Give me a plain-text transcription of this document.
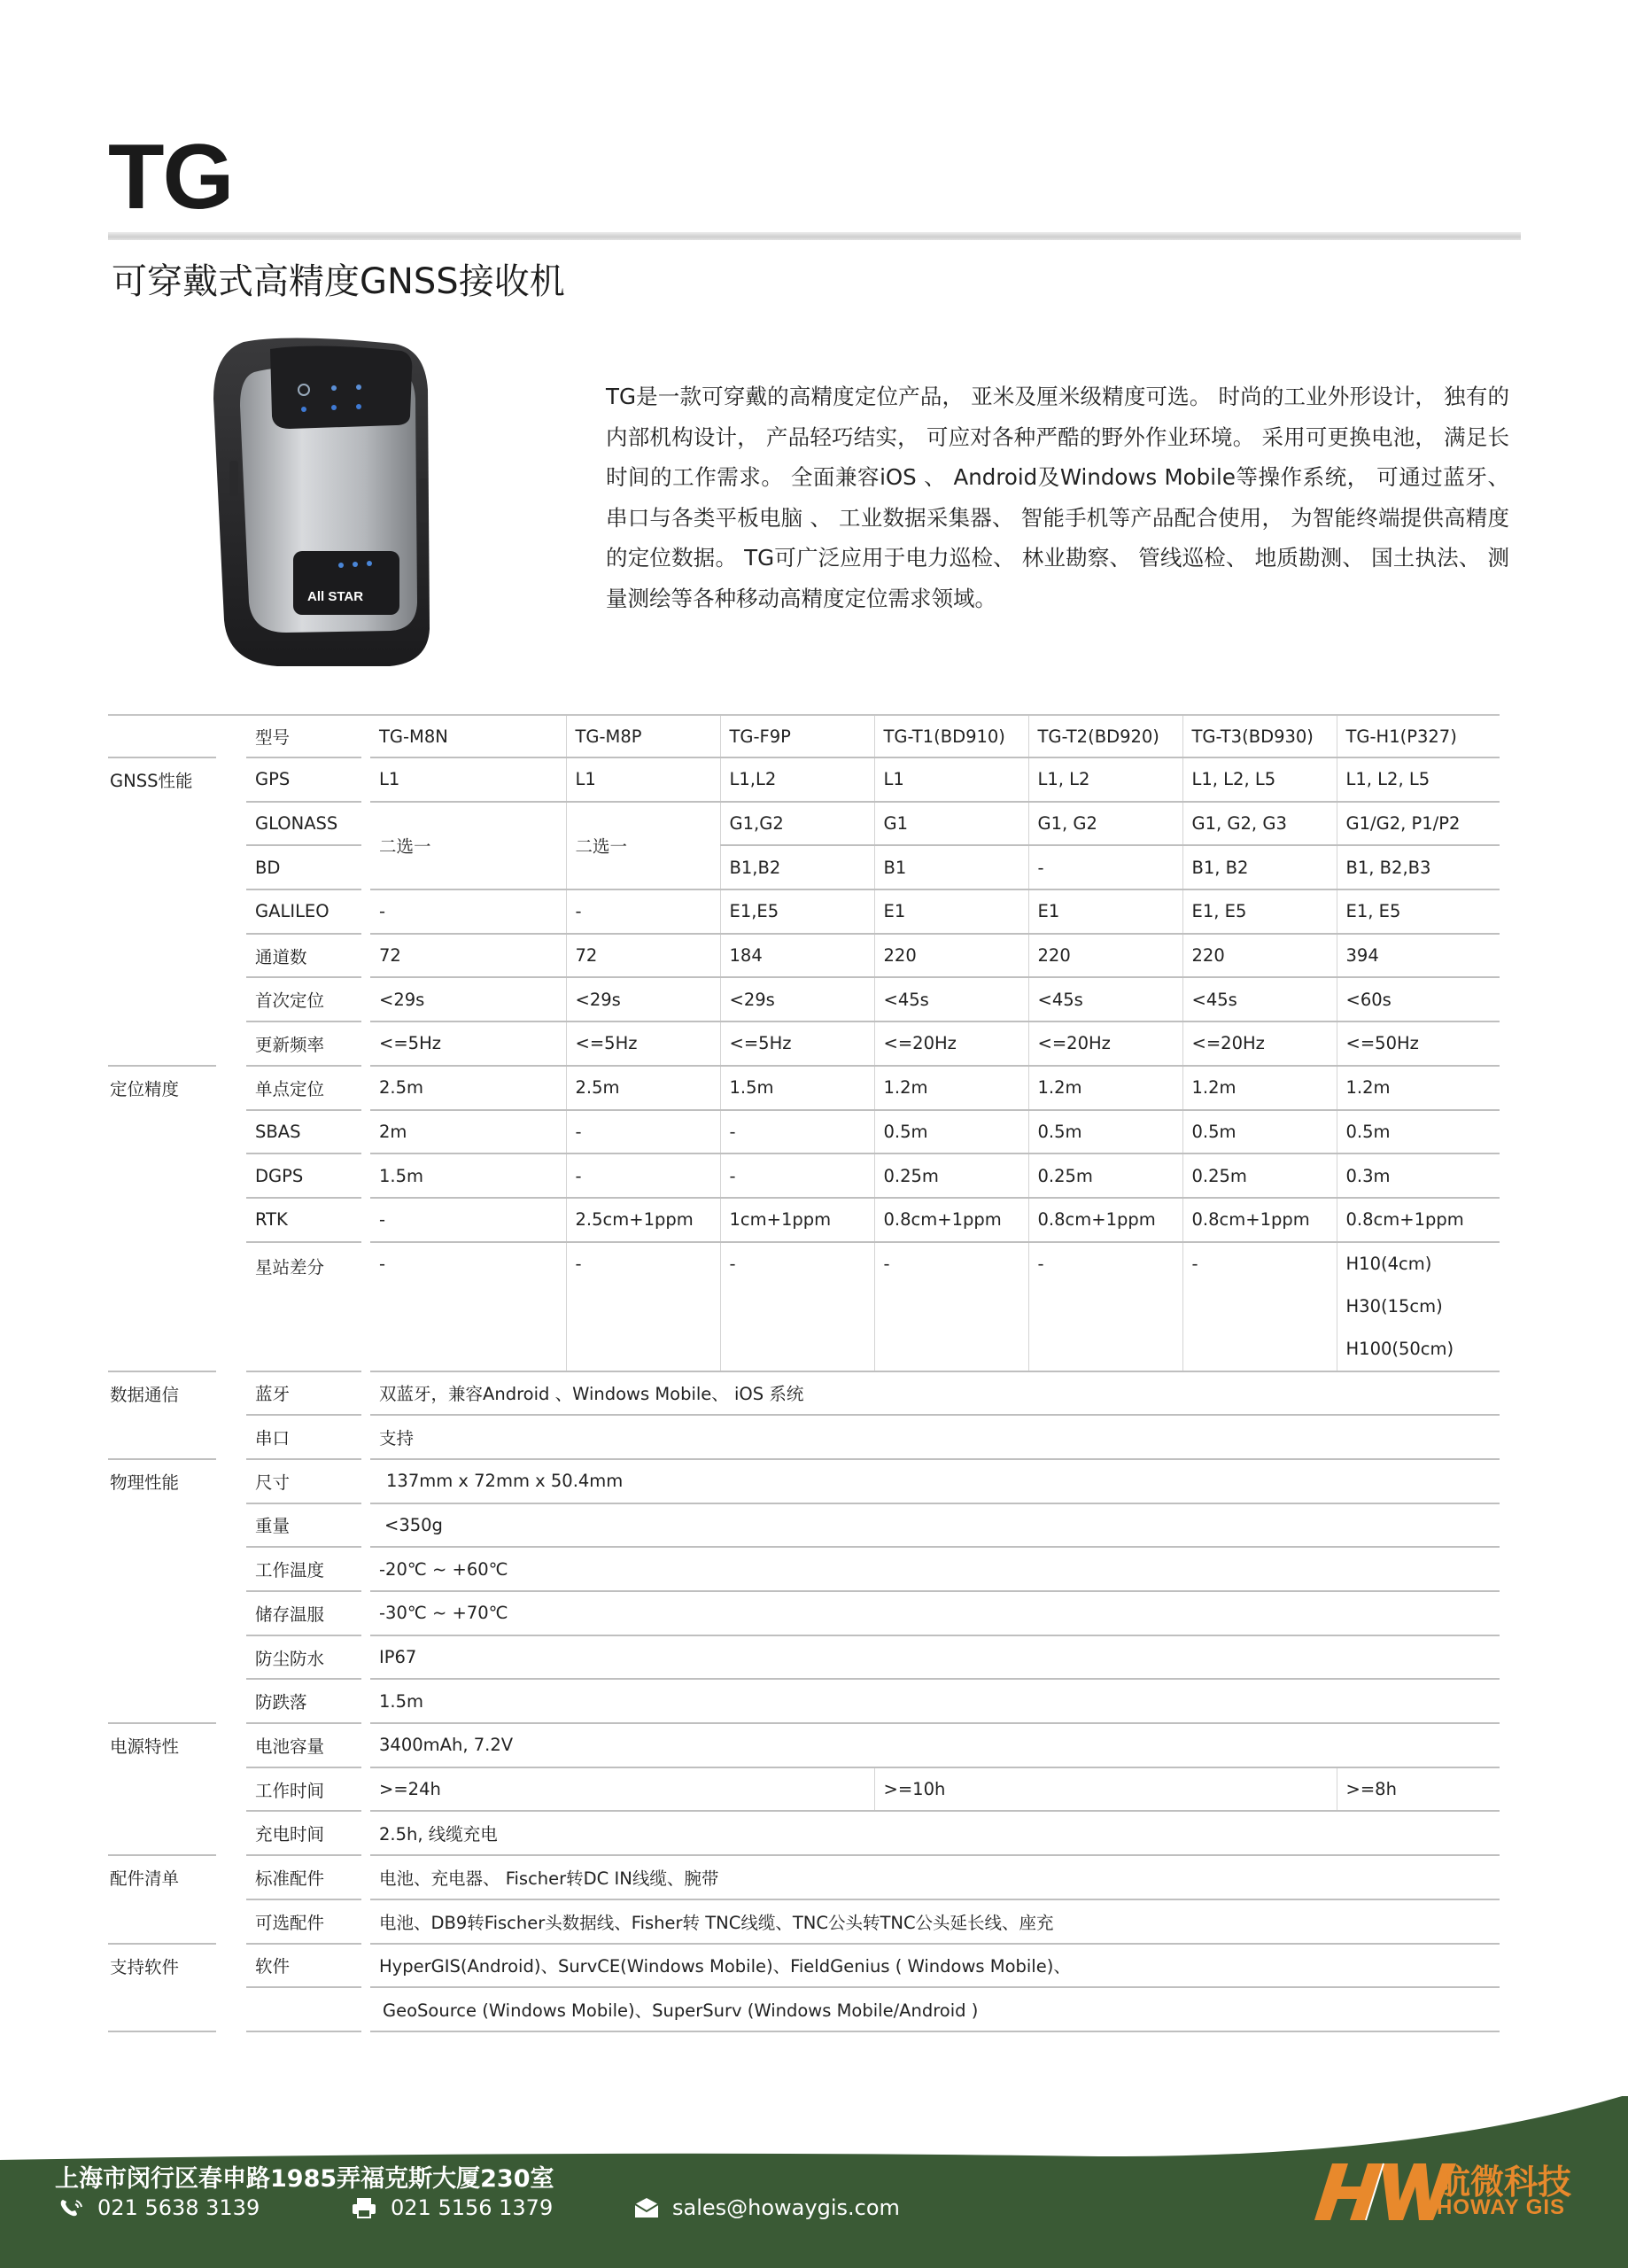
TG
可穿戴式高精度GNSS接收机
All STAR
TG是一款可穿戴的高精度定位产品， 亚米及厘米级精度可选。 时尚的工业外形设计， 独有的内部机构设计， 产品轻巧结实， 可应对各种严酷的野外作业环境。 采用可更换电池， 满足长时间的工作需求。 全面兼容iOS 、 Android及Windows Mobile等操作系统， 可通过蓝牙、 串口与各类平板电脑 、 工业数据采集器、 智能手机等产品配合使用， 为智能终端提供高精度的定位数据。 TG可广泛应用于电力巡检、 林业勘察、 管线巡检、 地质勘测、 国土执法、 测量测绘等各种移动高精度定位需求领域。
		型号		TG-M8N	TG-M8P	TG-F9P	TG-T1(BD910)	TG-T2(BD920)	TG-T3(BD930)	TG-H1(P327)
GNSS性能		GPS		L1	L1	L1,L2	L1	L1, L2	L1, L2, L5	L1, L2, L5
		GLONASS		二选一	二选一	G1,G2	G1	G1, G2	G1, G2, G3	G1/G2, P1/P2
		BD				B1,B2	B1	-	B1, B2	B1, B2,B3
		GALILEO		-	-	E1,E5	E1	E1	E1, E5	E1, E5
		通道数		72	72	184	220	220	220	394
		首次定位		<29s	<29s	<29s	<45s	<45s	<45s	<60s
		更新频率		<=5Hz	<=5Hz	<=5Hz	<=20Hz	<=20Hz	<=20Hz	<=50Hz
定位精度		单点定位		2.5m	2.5m	1.5m	1.2m	1.2m	1.2m	1.2m
		SBAS		2m	-	-	0.5m	0.5m	0.5m	0.5m
		DGPS		1.5m	-	-	0.25m	0.25m	0.25m	0.3m
		RTK		-	2.5cm+1ppm	1cm+1ppm	0.8cm+1ppm	0.8cm+1ppm	0.8cm+1ppm	0.8cm+1ppm
		星站差分		-	-	-	-	-	-	H10(4cm)
H30(15cm)
H100(50cm)

数据通信		蓝牙		双蓝牙，兼容Android 、Windows Mobile、 iOS 系统						
		串口		支持						
物理性能		尺寸		137mm x 72mm x 50.4mm						
		重量		<350g						
		工作温度		-20℃ ~ +60℃						
		储存温服		-30℃ ~ +70℃						
		防尘防水		IP67						
		防跌落		1.5m						
电源特性		电池容量		3400mAh, 7.2V						
		工作时间		>=24h			>=10h			>=8h
		充电时间		2.5h, 线缆充电						
配件清单		标准配件		电池、充电器、 Fischer转DC IN线缆、腕带						
		可选配件		电池、DB9转Fischer头数据线、Fisher转 TNC线缆、TNC公头转TNC公头延长线、座充						
支持软件		软件		HyperGIS(Android)、SurvCE(Windows Mobile)、FieldGenius ( Windows Mobile)、						
				GeoSource (Windows Mobile)、SuperSurv (Windows Mobile/Android )						
上海市闵行区春申路1985弄福克斯大厦230室
021 5638 3139	021 5156 1379	sales@howaygis.com
航微科技
HOWAY GIS
